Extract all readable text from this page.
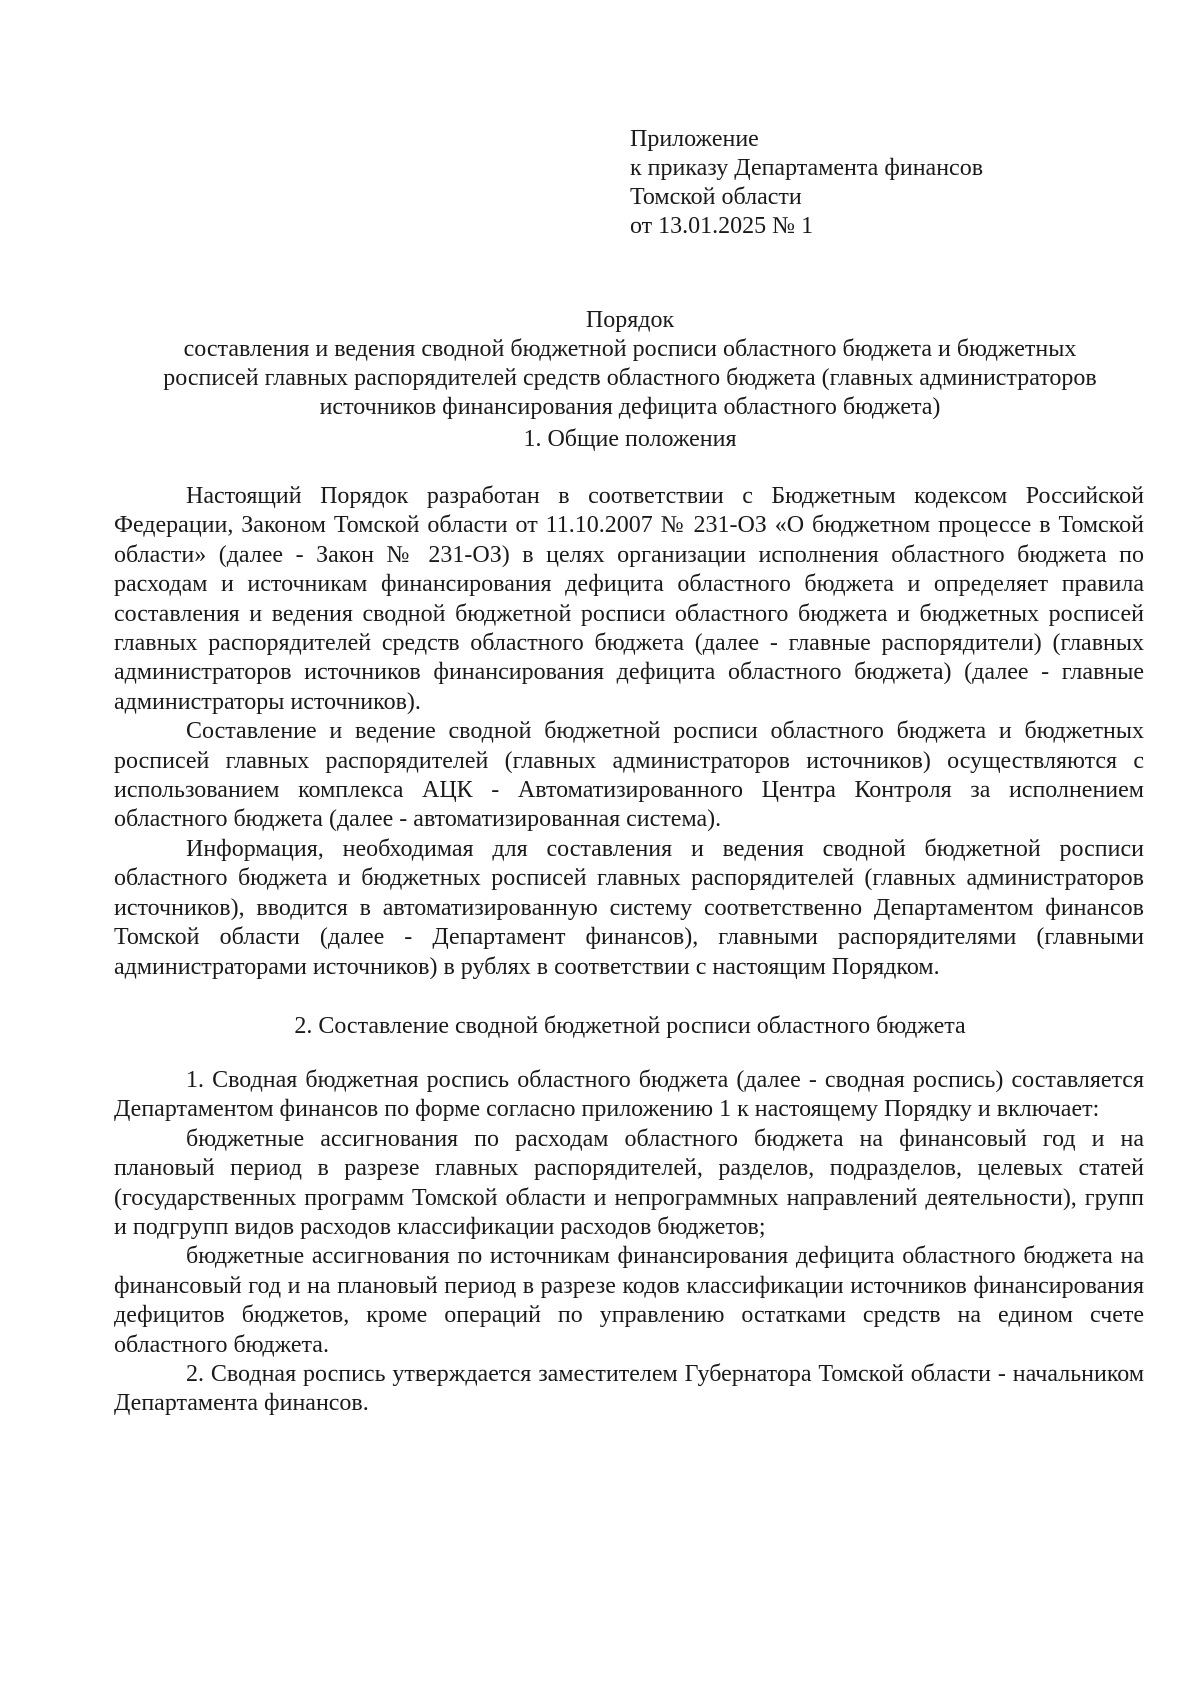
Приложение
к приказу Департамента финансов
Томской области
от 13.01.2025 № 1
Порядок
составления и ведения сводной бюджетной росписи областного бюджета и бюджетных
росписей главных распорядителей средств областного бюджета (главных администраторов
источников финансирования дефицита областного бюджета)
1. Общие положения

Настоящий Порядок разработан в соответствии с Бюджетным кодексом Российской Федерации, Законом Томской области от 11.10.2007 № 231-ОЗ «О бюджетном процессе в Томской области» (далее - Закон № 231-ОЗ) в целях организации исполнения областного бюджета по расходам и источникам финансирования дефицита областного бюджета и определяет правила составления и ведения сводной бюджетной росписи областного бюджета и бюджетных росписей главных распорядителей средств областного бюджета (далее - главные распорядители) (главных администраторов источников финансирования дефицита областного бюджета) (далее - главные администраторы источников).

Составление и ведение сводной бюджетной росписи областного бюджета и бюджетных росписей главных распорядителей (главных администраторов источников) осуществляются с использованием комплекса АЦК - Автоматизированного Центра Контроля за исполнением областного бюджета (далее - автоматизированная система).

Информация, необходимая для составления и ведения сводной бюджетной росписи областного бюджета и бюджетных росписей главных распорядителей (главных администраторов источников), вводится в автоматизированную систему соответственно Департаментом финансов Томской области (далее - Департамент финансов), главными распорядителями (главными администраторами источников) в рублях в соответствии с настоящим Порядком.

2. Составление сводной бюджетной росписи областного бюджета

1. Сводная бюджетная роспись областного бюджета (далее - сводная роспись) составляется Департаментом финансов по форме согласно приложению 1 к настоящему Порядку и включает:

бюджетные ассигнования по расходам областного бюджета на финансовый год и на плановый период в разрезе главных распорядителей, разделов, подразделов, целевых статей (государственных программ Томской области и непрограммных направлений деятельности), групп и подгрупп видов расходов классификации расходов бюджетов;

бюджетные ассигнования по источникам финансирования дефицита областного бюджета на финансовый год и на плановый период в разрезе кодов классификации источников финансирования дефицитов бюджетов, кроме операций по управлению остатками средств на едином счете областного бюджета.

2. Сводная роспись утверждается заместителем Губернатора Томской области - начальником Департамента финансов.
